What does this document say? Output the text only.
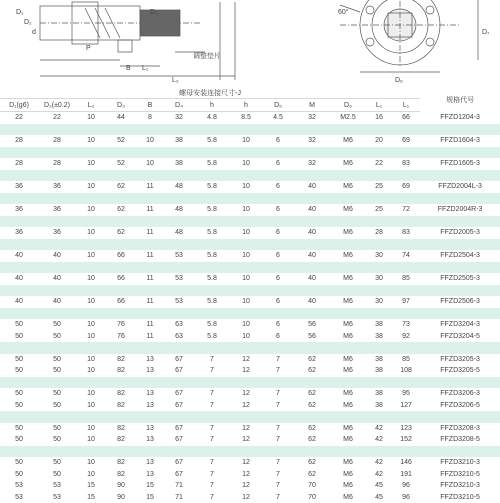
D₁
D₂
d
D₃
P
B L₁
L₂
调整垫片
60°
D₆
D₇
螺母安装连接尺寸-J													规格代号
D₁(g6)	D₂(±0.2)	L₂	D₃	B	D₄	h	h	D₅	M	D₆	L₁	L₁	
22	22	10	44	8	32	4.8	8.5	4.5	32	M2.5	16	66	FFZD1204-3

28	28	10	52	10	38	5.8	10	6	32	M6	20	69	FFZD1604-3

28	28	10	52	10	38	5.8	10	6	32	M6	22	83	FFZD1605-3

36	36	10	62	11	48	5.8	10	6	40	M6	25	69	FFZD2004L-3

36	36	10	62	11	48	5.8	10	6	40	M6	25	72	FFZD2004R-3

36	36	10	62	11	48	5.8	10	6	40	M6	28	83	FFZD2005-3

40	40	10	66	11	53	5.8	10	6	40	M6	30	74	FFZD2504-3

40	40	10	66	11	53	5.8	10	6	40	M6	30	85	FFZD2505-3

40	40	10	66	11	53	5.8	10	6	40	M6	30	97	FFZD2506-3

50	50	10	76	11	63	5.8	10	6	56	M6	38	73	FFZD3204-3
50	50	10	76	11	63	5.8	10	6	56	M6	38	92	FFZD3204-5

50	50	10	82	13	67	7	12	7	62	M6	38	85	FFZD3205-3
50	50	10	82	13	67	7	12	7	62	M6	38	108	FFZD3205-5

50	50	10	82	13	67	7	12	7	62	M6	38	95	FFZD3206-3
50	50	10	82	13	67	7	12	7	62	M6	38	127	FFZD3206-5

50	50	10	82	13	67	7	12	7	62	M6	42	123	FFZD3208-3
50	50	10	82	13	67	7	12	7	62	M6	42	152	FFZD3208-5

50	50	10	82	13	67	7	12	7	62	M6	42	146	FFZD3210-3
50	50	10	82	13	67	7	12	7	62	M6	42	191	FFZD3210-5
53	53	15	90	15	71	7	12	7	70	M6	45	96	FFZD3210-3
53	53	15	90	15	71	7	12	7	70	M6	45	96	FFZD3210-5
